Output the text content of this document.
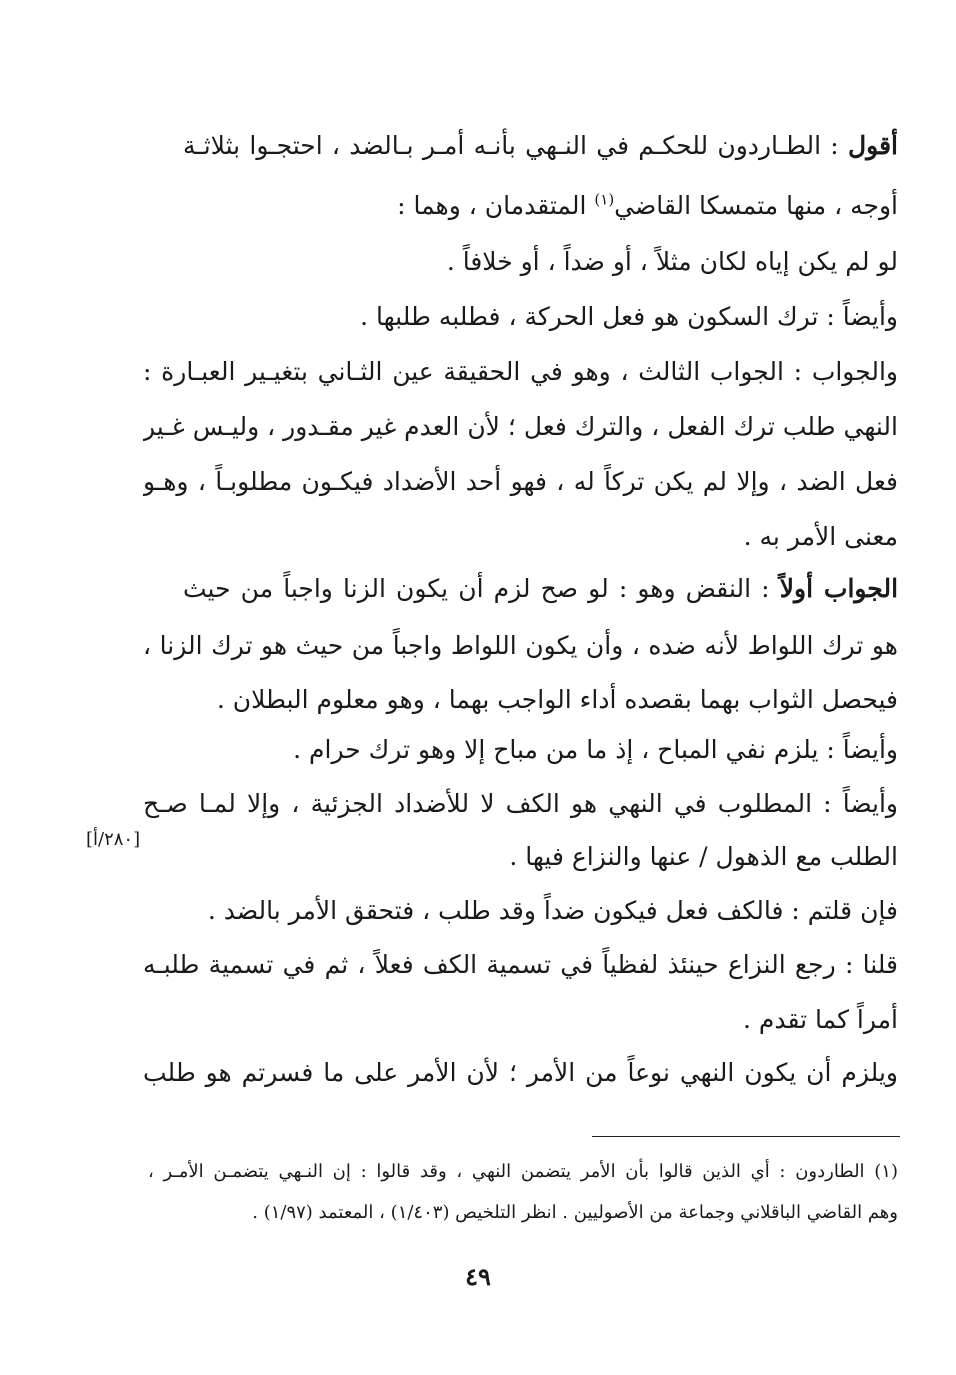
أقول : الطـاردون للحكـم في النـهي بأنـه أمـر بـالضد ، احتجـوا بثلاثـة
أوجه ، منها متمسكا القاضي$^{(١)}$ المتقدمان ، وهما :
لو لم يكن إياه لكان مثلاً ، أو ضداً ، أو خلافاً .
وأيضاً : ترك السكون هو فعل الحركة ، فطلبه طلبها .
والجواب : الجواب الثالث ، وهو في الحقيقة عين الثـاني بتغيـير العبـارة :
النهي طلب ترك الفعل ، والترك فعل ؛ لأن العدم غير مقـدور ، وليـس غـير
فعل الضد ، وإلا لم يكن تركاً له ، فهو أحد الأضداد فيكـون مطلوبـاً ، وهـو
معنى الأمر به .
الجواب أولاً : النقض وهو : لو صح لزم أن يكون الزنا واجباً من حيث
هو ترك اللواط لأنه ضده ، وأن يكون اللواط واجباً من حيث هو ترك الزنا ،
فيحصل الثواب بهما بقصده أداء الواجب بهما ، وهو معلوم البطلان .
وأيضاً : يلزم نفي المباح ، إذ ما من مباح إلا وهو ترك حرام .
وأيضاً : المطلوب في النهي هو الكف لا للأضداد الجزئية ، وإلا لمـا صـح
الطلب مع الذهول / عنها والنزاع فيها .
فإن قلتم : فالكف فعل فيكون ضداً وقد طلب ، فتحقق الأمر بالضد .
قلنا : رجع النزاع حينئذ لفظياً في تسمية الكف فعلاً ، ثم في تسمية طلبـه
أمراً كما تقدم .
ويلزم أن يكون النهي نوعاً من الأمر ؛ لأن الأمر على ما فسرتم هو طلب
[٢٨٠/أ]
(١) الطاردون : أي الذين قالوا بأن الأمر يتضمن النهي ، وقد قالوا : إن النـهي يتضمـن الأمـر ،
وهم القاضي الباقلاني وجماعة من الأصوليين . انظر التلخيص (١/٤٠٣) ، المعتمد (١/٩٧) .
٤٩
